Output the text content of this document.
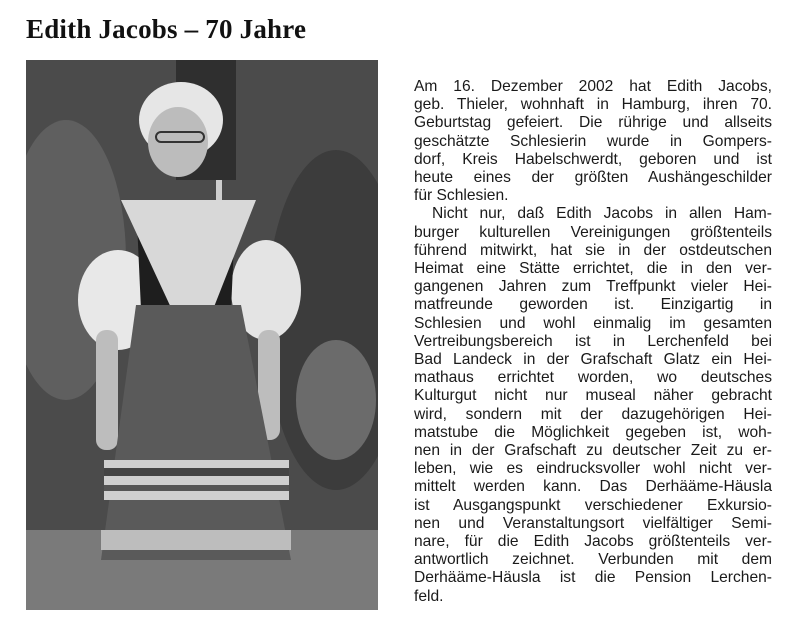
Edith Jacobs – 70 Jahre
Am 16. Dezember 2002 hat Edith Jacobs,
geb. Thieler, wohnhaft in Hamburg, ihren 70.
Geburtstag gefeiert. Die rührige und allseits
geschätzte Schlesierin wurde in Gompers-
dorf, Kreis Habelschwerdt, geboren und ist
heute eines der größten Aushängeschilder
für Schlesien.
Nicht nur, daß Edith Jacobs in allen Ham-
burger kulturellen Vereinigungen größtenteils
führend mitwirkt, hat sie in der ostdeutschen
Heimat eine Stätte errichtet, die in den ver-
gangenen Jahren zum Treffpunkt vieler Hei-
matfreunde geworden ist. Einzigartig in
Schlesien und wohl einmalig im gesamten
Vertreibungsbereich ist in Lerchenfeld bei
Bad Landeck in der Grafschaft Glatz ein Hei-
mathaus errichtet worden, wo deutsches
Kulturgut nicht nur museal näher gebracht
wird, sondern mit der dazugehörigen Hei-
matstube die Möglichkeit gegeben ist, woh-
nen in der Grafschaft zu deutscher Zeit zu er-
leben, wie es eindrucksvoller wohl nicht ver-
mittelt werden kann. Das Derhääme-Häusla
ist Ausgangspunkt verschiedener Exkursio-
nen und Veranstaltungsort vielfältiger Semi-
nare, für die Edith Jacobs größtenteils ver-
antwortlich zeichnet. Verbunden mit dem
Derhääme-Häusla ist die Pension Lerchen-
feld.
